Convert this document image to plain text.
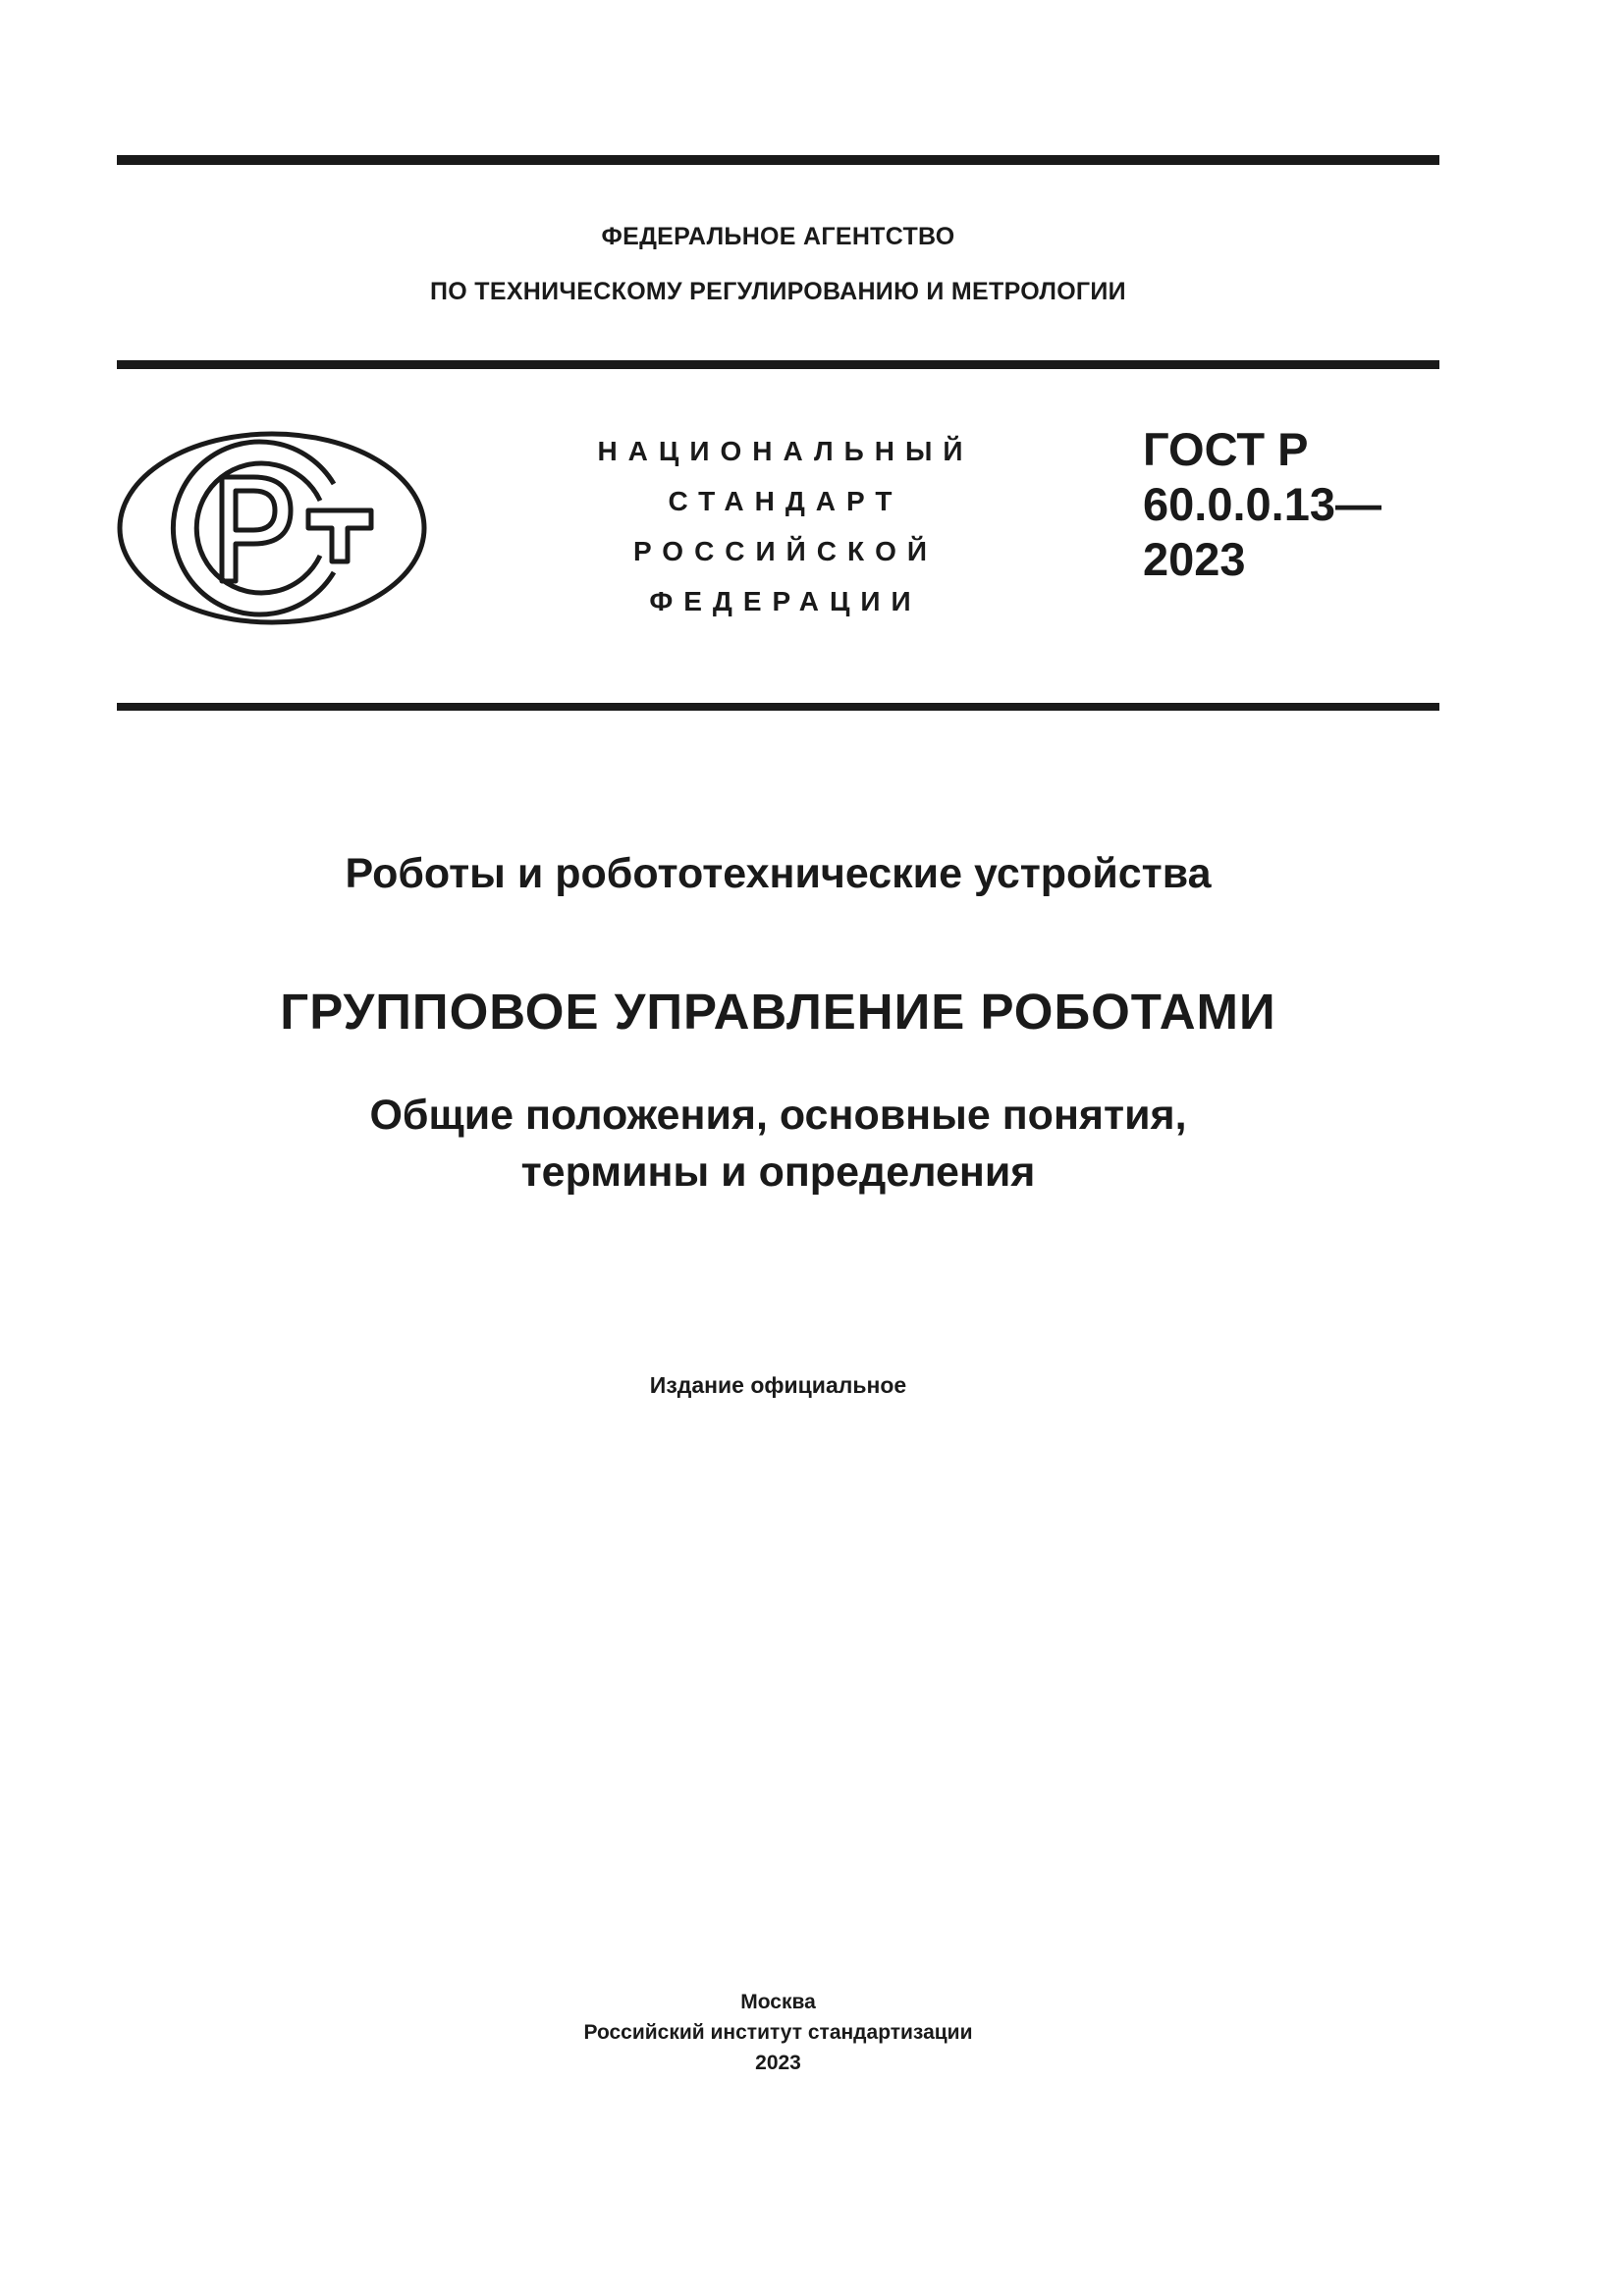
ФЕДЕРАЛЬНОЕ АГЕНТСТВО
ПО ТЕХНИЧЕСКОМУ РЕГУЛИРОВАНИЮ И МЕТРОЛОГИИ
НАЦИОНАЛЬНЫЙ
СТАНДАРТ
РОССИЙСКОЙ
ФЕДЕРАЦИИ
ГОСТ Р
60.0.0.13—
2023
Роботы и робототехнические устройства
ГРУППОВОЕ УПРАВЛЕНИЕ РОБОТАМИ
Общие положения, основные понятия,
термины и определения
Издание официальное
Москва
Российский институт стандартизации
2023
